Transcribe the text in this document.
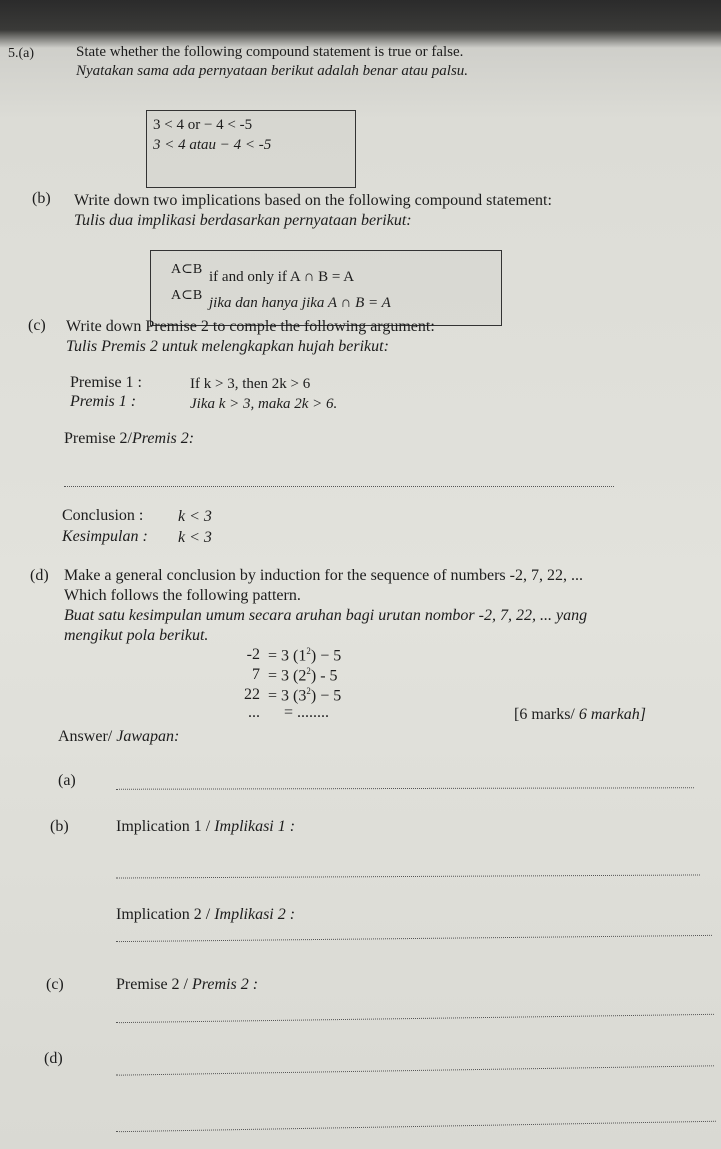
5.(a)	State whether the following compound statement is true or false.
Nyatakan sama ada pernyataan berikut adalah benar atau palsu.
3 < 4 or − 4 < -5
3 < 4 atau − 4 < -5
(b) Write down two implications based on the following compound statement:
Tulis dua implikasi berdasarkan pernyataan berikut:
A⊂B if and only if A ∩ B = A
A⊂B jika dan hanya jika A ∩ B = A
(c) Write down Premise 2 to comple the following argument:
Tulis Premis 2 untuk melengkapkan hujah berikut:
Premise 1 :	If k > 3, then 2k > 6
Premis 1 :	Jika k > 3, maka 2k > 6.
Premise 2/Premis 2:
Conclusion : k < 3
Kesimpulan : k < 3
(d) Make a general conclusion by induction for the sequence of numbers -2, 7, 22, ...
Which follows the following pattern.
Buat satu kesimpulan umum secara aruhan bagi urutan nombor -2, 7, 22, ... yang
mengikut pola berikut.
-2 = 3 $(1^2) - 5$
7 = 3 $(2^2) - 5$
22 = 3 $(3^2) - 5$
... = ........	[6 marks/ 6 markah]
Answer/ Jawapan:
(a)
(b)	Implication 1 / Implikasi 1 :
Implication 2 / Implikasi 2 :
(c)	Premise 2 / Premis 2 :
(d)
